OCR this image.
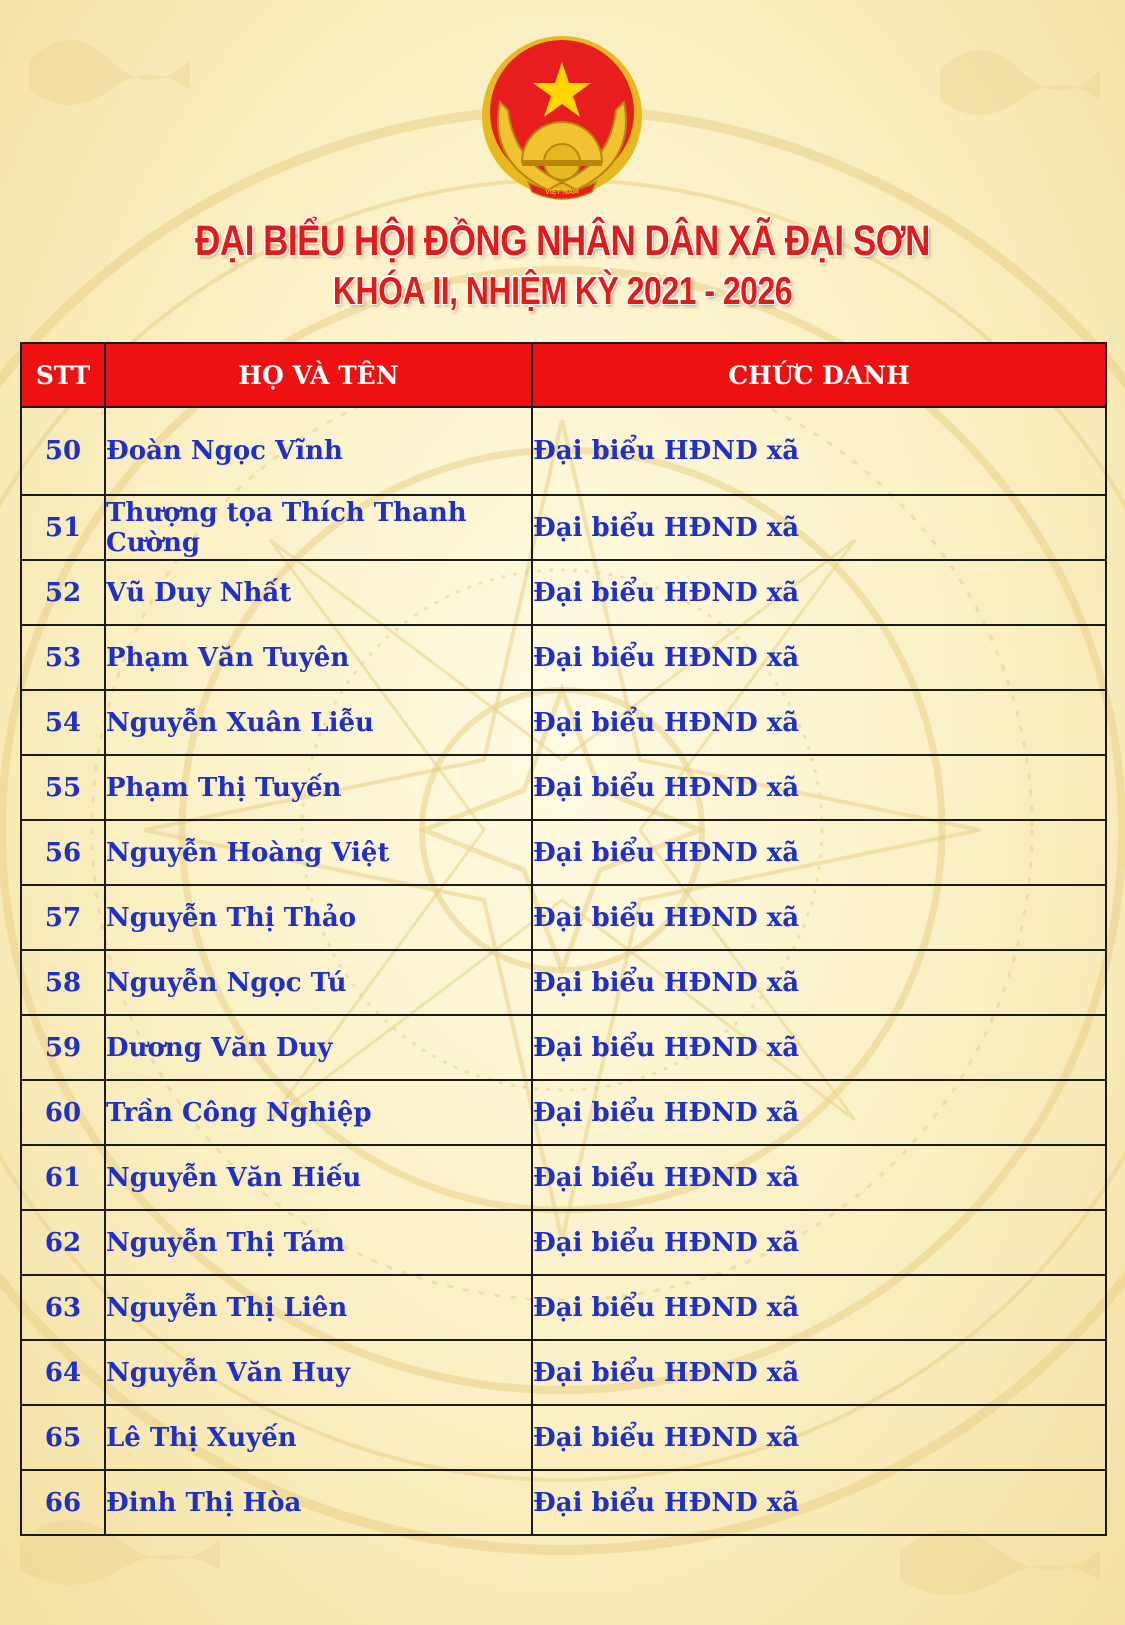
VIỆT NAM
ĐẠI BIỂU HỘI ĐỒNG NHÂN DÂN XÃ ĐẠI SƠN
KHÓA II, NHIỆM KỲ 2021 - 2026
STT	HỌ VÀ TÊN	CHỨC DANH
50	Đoàn Ngọc Vĩnh	Đại biểu HĐND xã
51	Thượng tọa Thích Thanh Cường	Đại biểu HĐND xã
52	Vũ Duy Nhất	Đại biểu HĐND xã
53	Phạm Văn Tuyên	Đại biểu HĐND xã
54	Nguyễn Xuân Liễu	Đại biểu HĐND xã
55	Phạm Thị Tuyến	Đại biểu HĐND xã
56	Nguyễn Hoàng Việt	Đại biểu HĐND xã
57	Nguyễn Thị Thảo	Đại biểu HĐND xã
58	Nguyễn Ngọc Tú	Đại biểu HĐND xã
59	Dương Văn Duy	Đại biểu HĐND xã
60	Trần Công Nghiệp	Đại biểu HĐND xã
61	Nguyễn Văn Hiếu	Đại biểu HĐND xã
62	Nguyễn Thị Tám	Đại biểu HĐND xã
63	Nguyễn Thị Liên	Đại biểu HĐND xã
64	Nguyễn Văn Huy	Đại biểu HĐND xã
65	Lê Thị Xuyến	Đại biểu HĐND xã
66	Đinh Thị Hòa	Đại biểu HĐND xã
